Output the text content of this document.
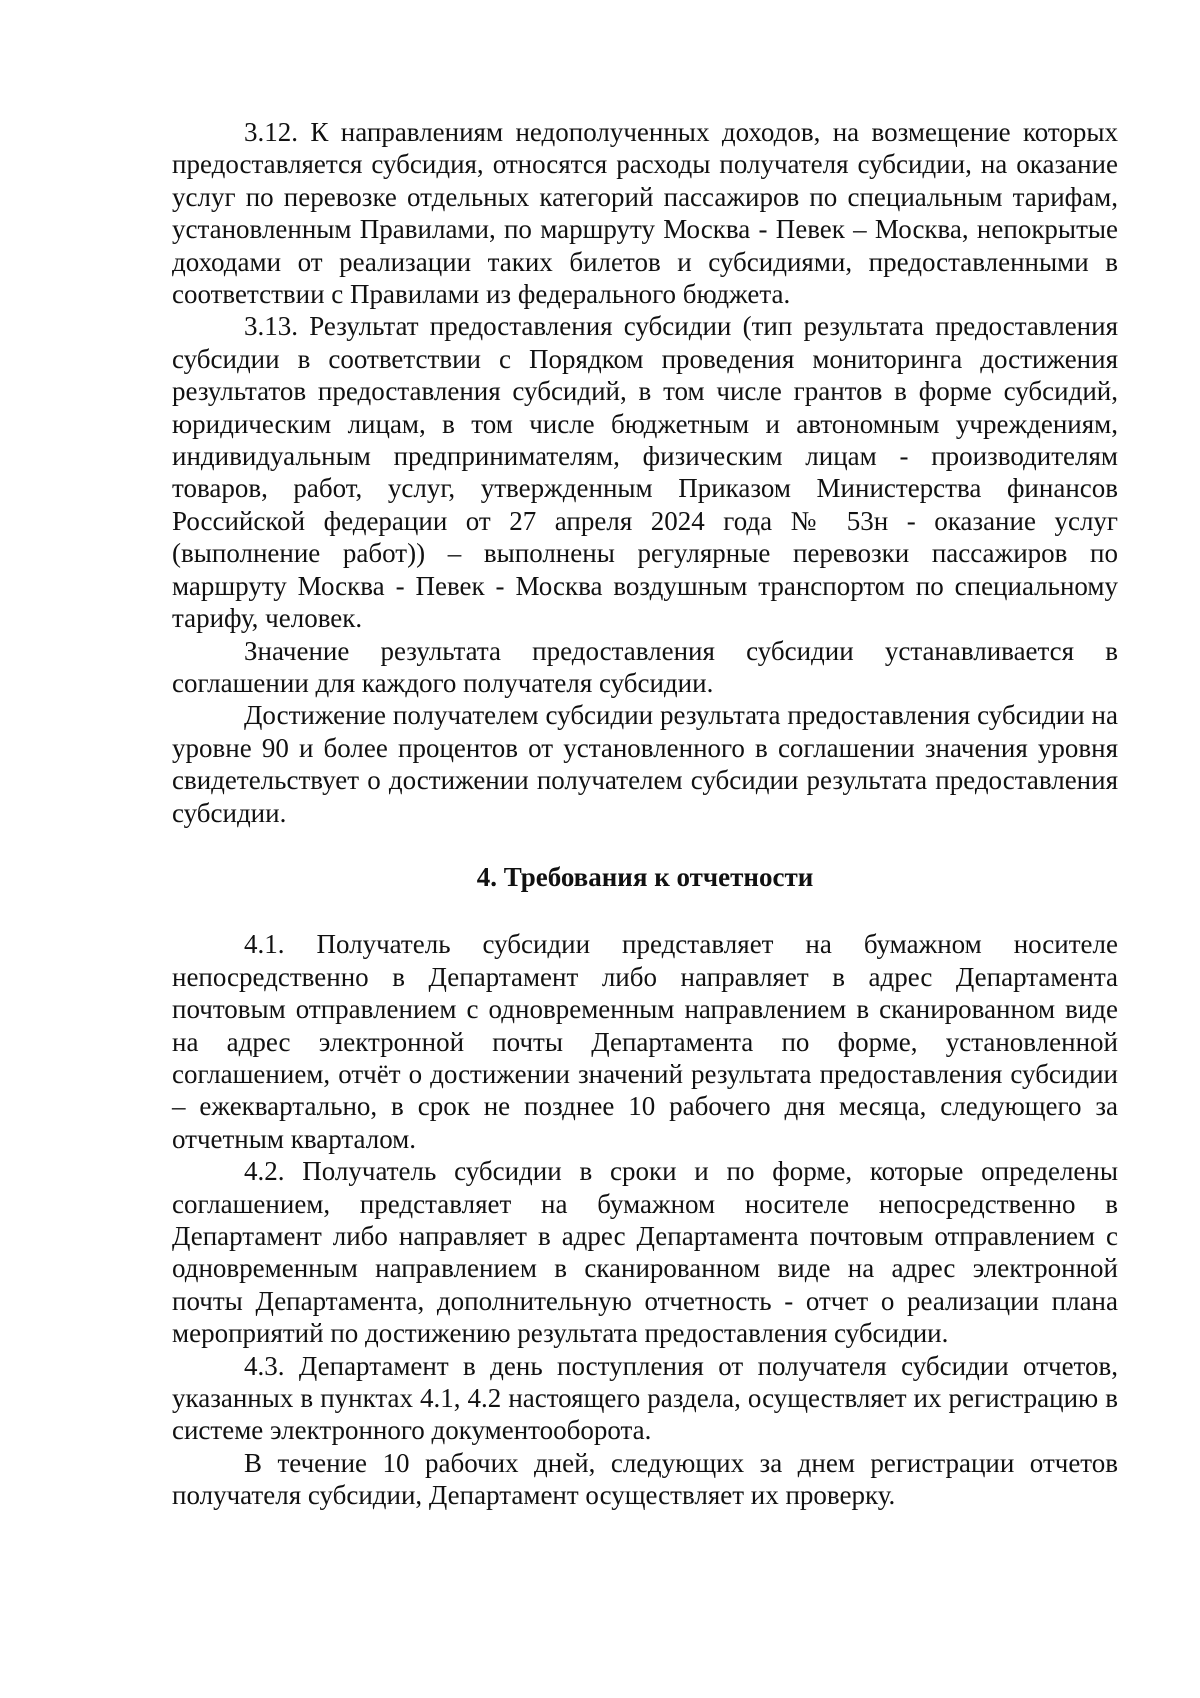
3.12. К направлениям недополученных доходов, на возмещение которых предоставляется субсидия, относятся расходы получателя субсидии, на оказание услуг по перевозке отдельных категорий пассажиров по специальным тарифам, установленным Правилами, по маршруту Москва - Певек – Москва, непокрытые доходами от реализации таких билетов и субсидиями, предоставленными в соответствии с Правилами из федерального бюджета.

3.13. Результат предоставления субсидии (тип результата предоставления субсидии в соответствии с Порядком проведения мониторинга достижения результатов предоставления субсидий, в том числе грантов в форме субсидий, юридическим лицам, в том числе бюджетным и автономным учреждениям, индивидуальным предпринимателям, физическим лицам - производителям товаров, работ, услуг, утвержденным Приказом Министерства финансов Российской федерации от 27 апреля 2024 года № 53н - оказание услуг (выполнение работ)) – выполнены регулярные перевозки пассажиров по маршруту Москва - Певек - Москва воздушным транспортом по специальному тарифу, человек.

Значение результата предоставления субсидии устанавливается в соглашении для каждого получателя субсидии.

Достижение получателем субсидии результата предоставления субсидии на уровне 90 и более процентов от установленного в соглашении значения уровня свидетельствует о достижении получателем субсидии результата предоставления субсидии.

4. Требования к отчетности

4.1. Получатель субсидии представляет на бумажном носителе непосредственно в Департамент либо направляет в адрес Департамента почтовым отправлением с одновременным направлением в сканированном виде на адрес электронной почты Департамента по форме, установленной соглашением, отчёт о достижении значений результата предоставления субсидии – ежеквартально, в срок не позднее 10 рабочего дня месяца, следующего за отчетным кварталом.

4.2. Получатель субсидии в сроки и по форме, которые определены соглашением, представляет на бумажном носителе непосредственно в Департамент либо направляет в адрес Департамента почтовым отправлением с одновременным направлением в сканированном виде на адрес электронной почты Департамента, дополнительную отчетность - отчет о реализации плана мероприятий по достижению результата предоставления субсидии.

4.3. Департамент в день поступления от получателя субсидии отчетов, указанных в пунктах 4.1, 4.2 настоящего раздела, осуществляет их регистрацию в системе электронного документооборота.

В течение 10 рабочих дней, следующих за днем регистрации отчетов получателя субсидии, Департамент осуществляет их проверку.
